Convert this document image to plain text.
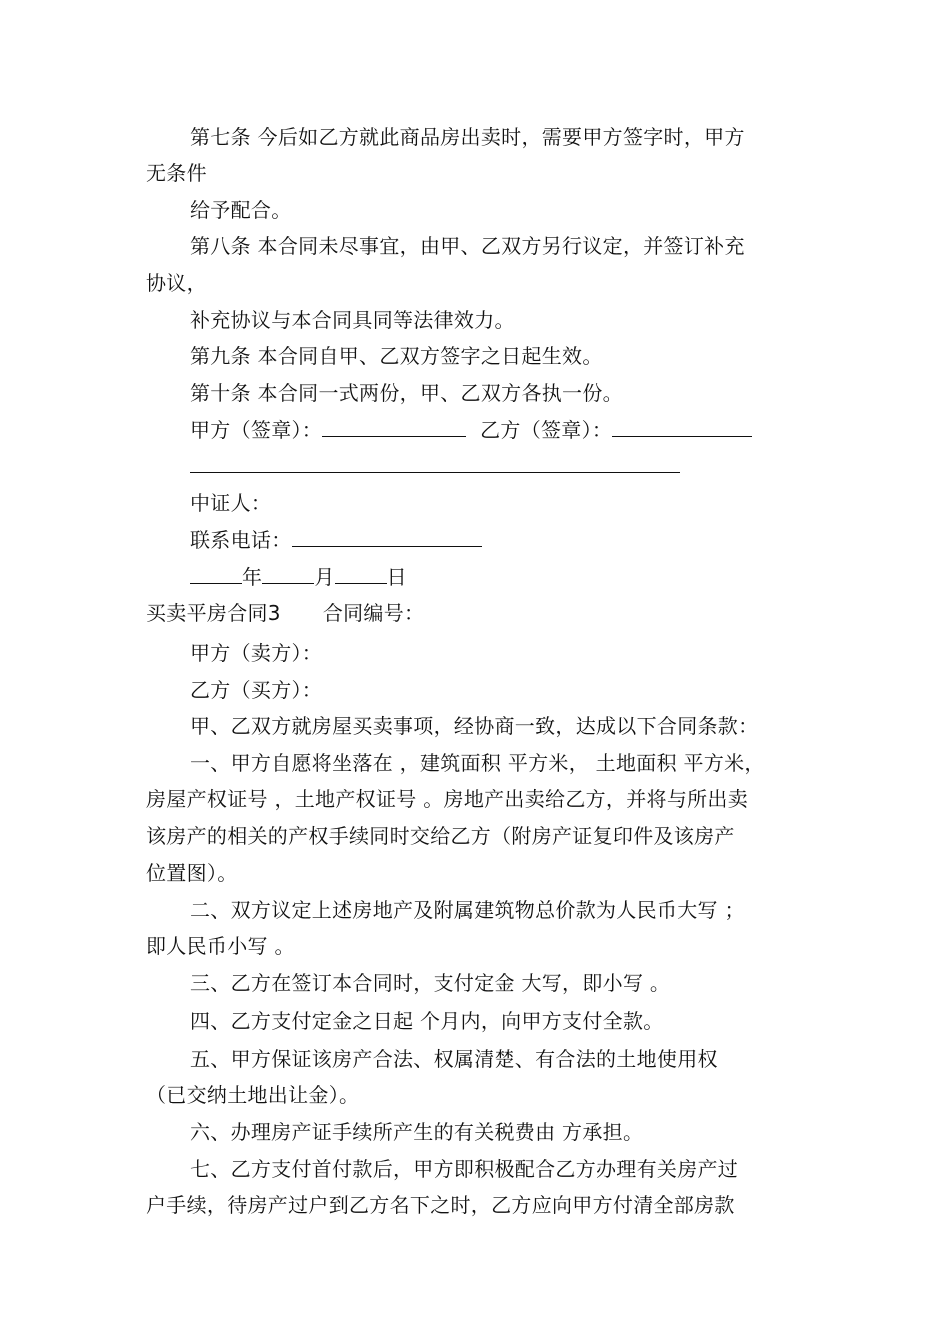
第七条 今后如乙方就此商品房出卖时，需要甲方签字时，甲方

无条件

给予配合。

第八条 本合同未尽事宜，由甲、乙双方另行议定，并签订补充

协议，

补充协议与本合同具同等法律效力。

第九条 本合同自甲、乙双方签字之日起生效。

第十条 本合同一式两份，甲、乙双方各执一份。

甲方（签章）：	乙方（签章）：

中证人：

联系电话：

年	月	日

买卖平房合同3 合同编号：

甲方（卖方）：

乙方（买方）：

甲、乙双方就房屋买卖事项，经协商一致，达成以下合同条款：

一、甲方自愿将坐落在 ，建筑面积 平方米， 土地面积 平方米，

房屋产权证号 ，土地产权证号 。房地产出卖给乙方，并将与所出卖

该房产的相关的产权手续同时交给乙方（附房产证复印件及该房产

位置图）。

二、双方议定上述房地产及附属建筑物总价款为人民币大写 ；

即人民币小写 。

三、乙方在签订本合同时，支付定金 大写，即小写 。

四、乙方支付定金之日起 个月内，向甲方支付全款。

五、甲方保证该房产合法、权属清楚、有合法的土地使用权

（已交纳土地出让金）。

六、办理房产证手续所产生的有关税费由 方承担。

七、乙方支付首付款后，甲方即积极配合乙方办理有关房产过

户手续，待房产过户到乙方名下之时，乙方应向甲方付清全部房款
